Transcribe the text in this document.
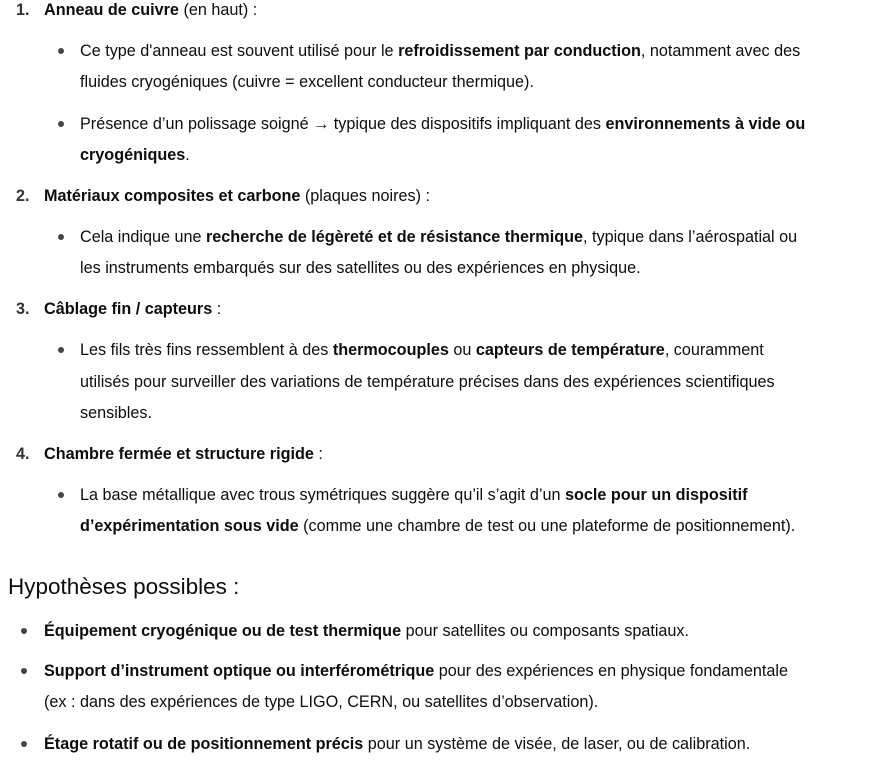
1. Anneau de cuivre (en haut) :
Ce type d'anneau est souvent utilisé pour le refroidissement par conduction, notamment avec des
fluides cryogéniques (cuivre = excellent conducteur thermique).
Présence d’un polissage soigné → typique des dispositifs impliquant des environnements à vide ou
cryogéniques.
2. Matériaux composites et carbone (plaques noires) :
Cela indique une recherche de légèreté et de résistance thermique, typique dans l’aérospatial ou
les instruments embarqués sur des satellites ou des expériences en physique.
3. Câblage fin / capteurs :
Les fils très fins ressemblent à des thermocouples ou capteurs de température, couramment
utilisés pour surveiller des variations de température précises dans des expériences scientifiques
sensibles.
4. Chambre fermée et structure rigide :
La base métallique avec trous symétriques suggère qu’il s’agit d’un socle pour un dispositif
d’expérimentation sous vide (comme une chambre de test ou une plateforme de positionnement).
Hypothèses possibles :
Équipement cryogénique ou de test thermique pour satellites ou composants spatiaux.
Support d’instrument optique ou interférométrique pour des expériences en physique fondamentale
(ex : dans des expériences de type LIGO, CERN, ou satellites d’observation).
Étage rotatif ou de positionnement précis pour un système de visée, de laser, ou de calibration.
